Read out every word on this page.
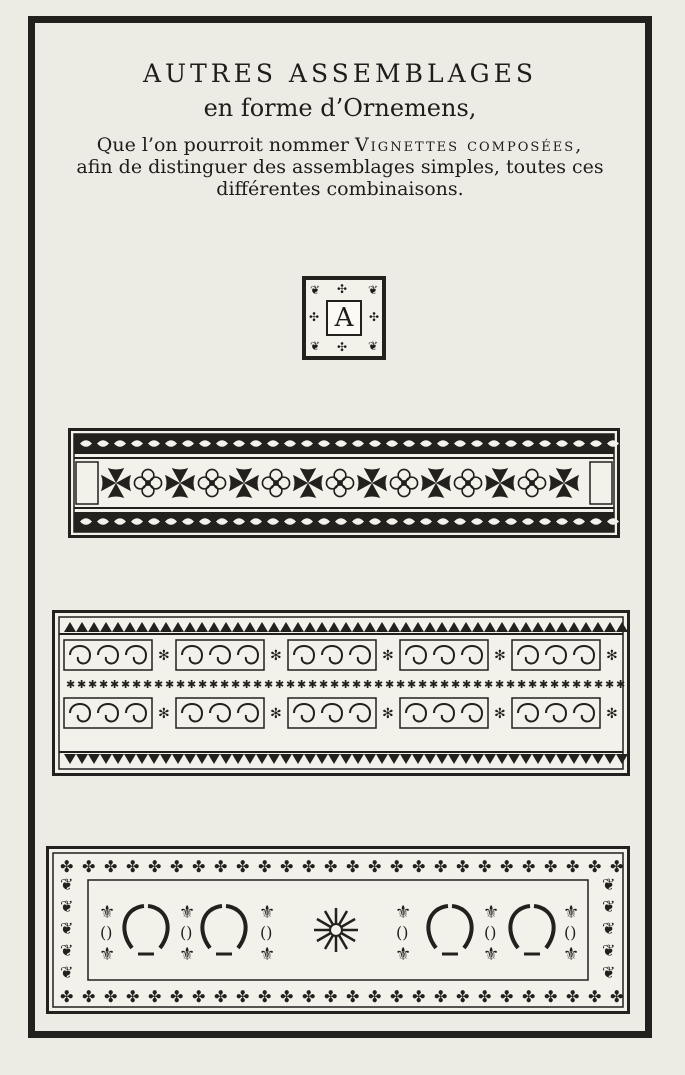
AUTRES ASSEMBLAGES
en forme d’Ornemens,
Que l’on pourroit nommer Vignettes composées,
afin de distinguer des assemblages simples, toutes ces
différentes combinaisons.
❦ ✣ ❦
✣	✣
❦ ✣ ❦
A
✱ ✱ ✱ ✱ ✱ ✱ ✱ ✱ ✱ ✱ ✱ ✱ ✱ ✱ ✱ ✱ ✱ ✱ ✱ ✱ ✱ ✱ ✱ ✱ ✱ ✱ ✱ ✱ ✱ ✱ ✱ ✱ ✱ ✱ ✱ ✱ ✱ ✱ ✱ ✱ ✱ ✱ ✱ ✱ ✱ ✱ ✱ ✱ ✱ ✱ ✱
✻
✻
✻
✻
✻
✻
✻
✻
✻
✻
✤
✤
✤
✤
✤
✤
✤
✤
✤
✤
✤
✤
✤
✤
✤
✤
✤
✤
✤
✤
✤
✤
✤
✤
✤
✤
✤
✤
✤
✤
✤
✤
✤
✤
✤
✤
✤
✤
✤
✤
✤
✤
✤
✤
✤
✤
✤
✤
✤
✤
✤
✤
❦	❦
❦	❦
❦	❦
❦	❦
❦	❦
⚜
()
⚜
⚜
()
⚜
⚜
()
⚜
⚜
()
⚜
⚜
()
⚜
⚜
()
⚜
